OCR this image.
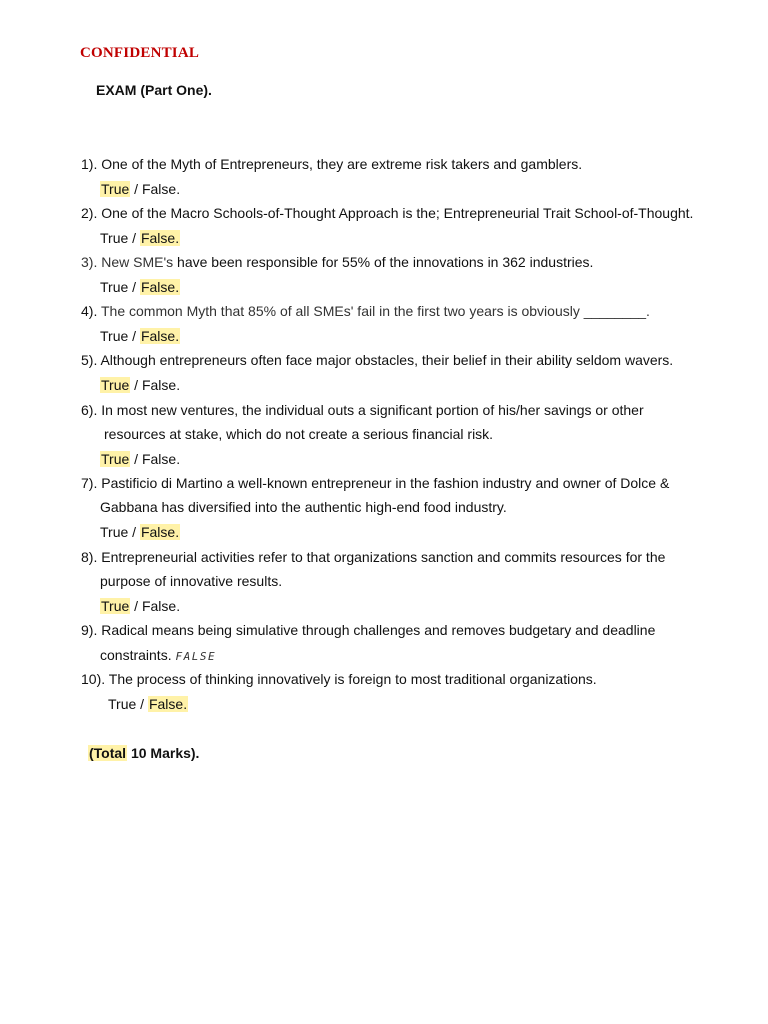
CONFIDENTIAL
EXAM (Part One).
1). One of the Myth of Entrepreneurs, they are extreme risk takers and gamblers.
True / False.
2). One of the Macro Schools-of-Thought Approach is the; Entrepreneurial Trait School-of-Thought.
True / False.
3). New SME's have been responsible for 55% of the innovations in 362 industries.
True / False.
4). The common Myth that 85% of all SMEs' fail in the first two years is obviously ________.
True / False.
5). Although entrepreneurs often face major obstacles, their belief in their ability seldom wavers.
True / False.
6). In most new ventures, the individual outs a significant portion of his/her savings or other
resources at stake, which do not create a serious financial risk.
True / False.
7). Pastificio di Martino a well-known entrepreneur in the fashion industry and owner of Dolce &
Gabbana has diversified into the authentic high-end food industry.
True / False.
8). Entrepreneurial activities refer to that organizations sanction and commits resources for the
purpose of innovative results.
True / False.
9). Radical means being simulative through challenges and removes budgetary and deadline
constraints. FALSE
10). The process of thinking innovatively is foreign to most traditional organizations.
True / False.
(Total 10 Marks).
